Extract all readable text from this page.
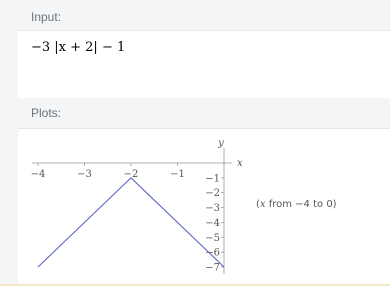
Input:
−3 |x + 2| − 1
Plots:
x
y
−4	−3	−2	−1 −1
−2
−3
−4
−5
−6
−7
(x from −4 to 0)
